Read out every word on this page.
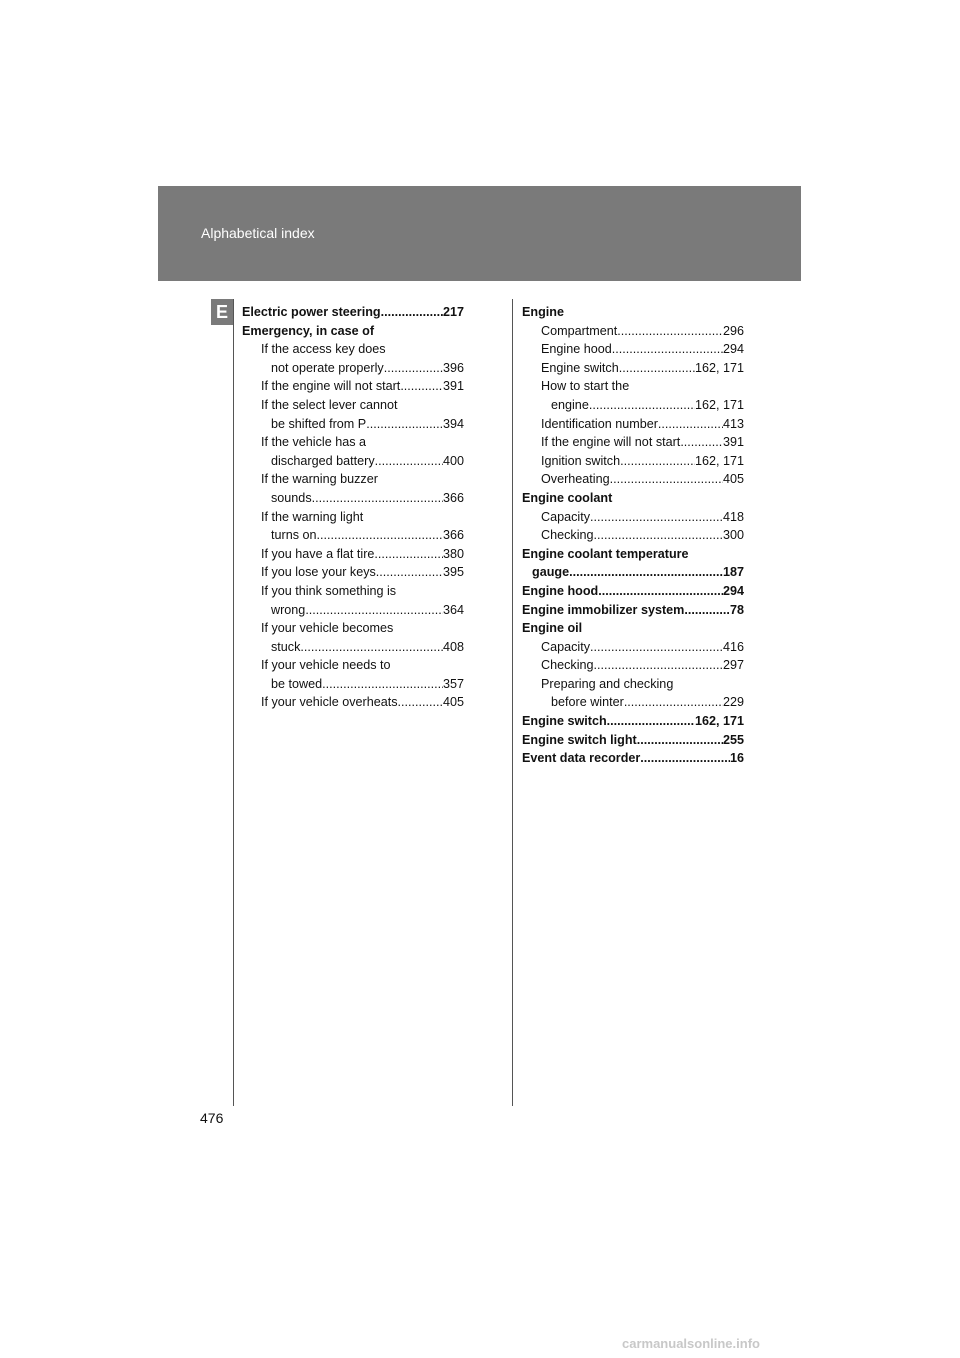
Alphabetical index
E	Electric power steering .....	217
Emergency, in case of
If the access key does
not operate properly .....	396
If the engine will not start .....	391
If the select lever cannot
be shifted from P .....	394
If the vehicle has a
discharged battery .....	400
If the warning buzzer
sounds .....	366
If the warning light
turns on .....	366
If you have a flat tire .....	380
If you lose your keys .....	395
If you think something is
wrong .....	364
If your vehicle becomes
stuck .....	408
If your vehicle needs to
be towed .....	357
If your vehicle overheats .....	405
Engine
Compartment .....	296
Engine hood .....	294
Engine switch .....	162, 171
How to start the
engine .....	162, 171
Identification number .....	413
If the engine will not start .....	391
Ignition switch .....	162, 171
Overheating .....	405
Engine coolant
Capacity .....	418
Checking .....	300
Engine coolant temperature
gauge .....	187
Engine hood .....	294
Engine immobilizer system .....	78
Engine oil
Capacity .....	416
Checking .....	297
Preparing and checking
before winter .....	229
Engine switch .....	162, 171
Engine switch light .....	255
Event data recorder .....	16
476
carmanualsonline.info
